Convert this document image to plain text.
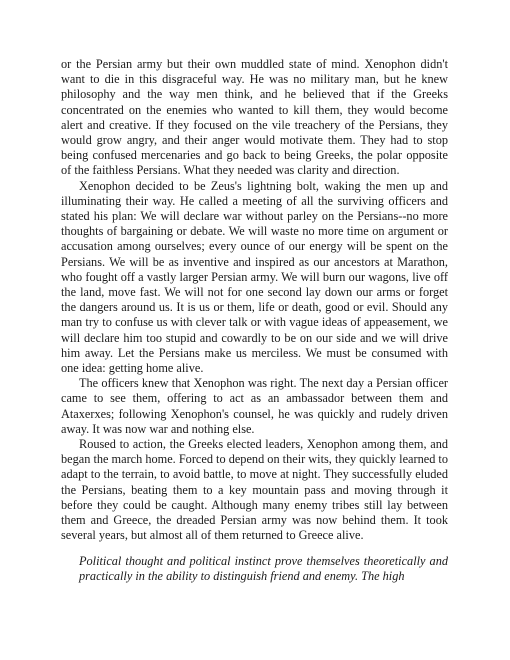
or the Persian army but their own muddled state of mind. Xenophon didn't want to die in this disgraceful way. He was no military man, but he knew philosophy and the way men think, and he believed that if the Greeks concentrated on the enemies who wanted to kill them, they would become alert and creative. If they focused on the vile treachery of the Persians, they would grow angry, and their anger would motivate them. They had to stop being confused mercenaries and go back to being Greeks, the polar opposite of the faithless Persians. What they needed was clarity and direction.

Xenophon decided to be Zeus's lightning bolt, waking the men up and illuminating their way. He called a meeting of all the surviving officers and stated his plan: We will declare war without parley on the Persians--no more thoughts of bargaining or debate. We will waste no more time on argument or accusation among ourselves; every ounce of our energy will be spent on the Persians. We will be as inventive and inspired as our ancestors at Marathon, who fought off a vastly larger Persian army. We will burn our wagons, live off the land, move fast. We will not for one second lay down our arms or forget the dangers around us. It is us or them, life or death, good or evil. Should any man try to confuse us with clever talk or with vague ideas of appeasement, we will declare him too stupid and cowardly to be on our side and we will drive him away. Let the Persians make us merciless. We must be consumed with one idea: getting home alive.

The officers knew that Xenophon was right. The next day a Persian officer came to see them, offering to act as an ambassador between them and Ataxerxes; following Xenophon's counsel, he was quickly and rudely driven away. It was now war and nothing else.

Roused to action, the Greeks elected leaders, Xenophon among them, and began the march home. Forced to depend on their wits, they quickly learned to adapt to the terrain, to avoid battle, to move at night. They successfully eluded the Persians, beating them to a key mountain pass and moving through it before they could be caught. Although many enemy tribes still lay between them and Greece, the dreaded Persian army was now behind them. It took several years, but almost all of them returned to Greece alive.

Political thought and political instinct prove themselves theoretically and practically in the ability to distinguish friend and enemy. The high
